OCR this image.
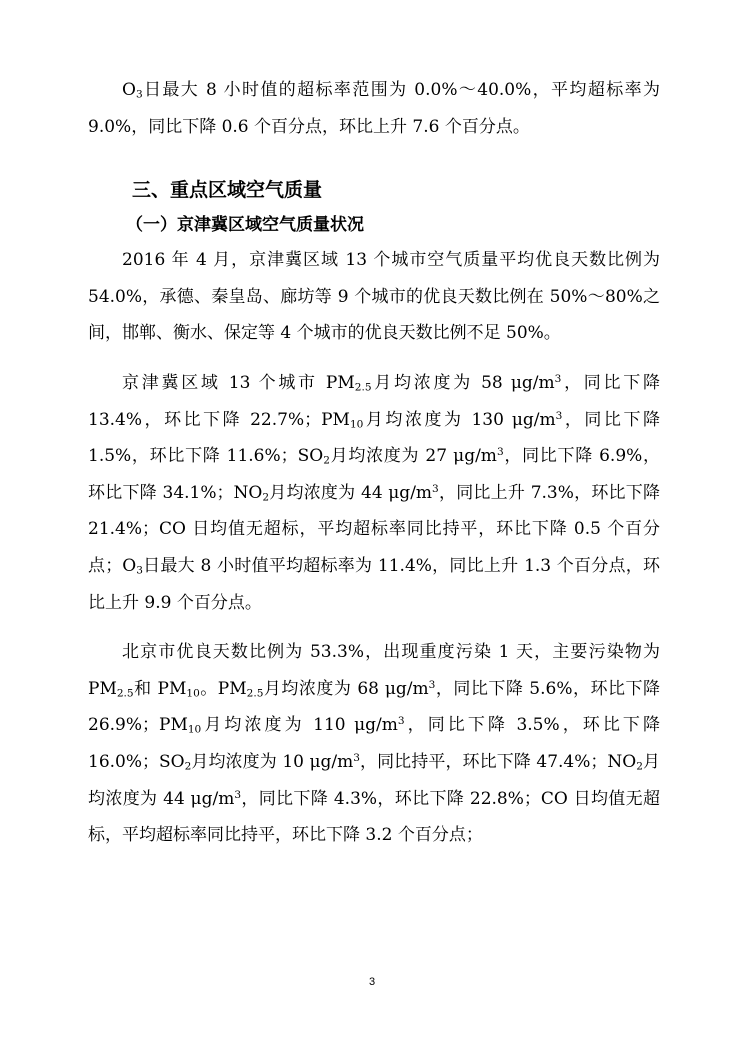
$O_3$日最大 8 小时值的超标率范围为 0.0%～40.0%，平均超标率为 9.0%，同比下降 0.6 个百分点，环比上升 7.6 个百分点。

三、重点区域空气质量
（一）京津冀区域空气质量状况

2016 年 4 月，京津冀区域 13 个城市空气质量平均优良天数比例为 54.0%，承德、秦皇岛、廊坊等 9 个城市的优良天数比例在 50%～80%之间，邯郸、衡水、保定等 4 个城市的优良天数比例不足 50%。

京津冀区域 13 个城市 $PM_{2.5}$月均浓度为 58 $\mu g/m^3$，同比下降 13.4%，环比下降 22.7%；$PM_{10}$月均浓度为 130 $\mu g/m^3$，同比下降 1.5%，环比下降 11.6%；$SO_2$月均浓度为 27 $\mu g/m^3$，同比下降 6.9%，环比下降 34.1%；$NO_2$月均浓度为 44 $\mu g/m^3$，同比上升 7.3%，环比下降 21.4%；CO 日均值无超标，平均超标率同比持平，环比下降 0.5 个百分点；$O_3$日最大 8 小时值平均超标率为 11.4%，同比上升 1.3 个百分点，环比上升 9.9 个百分点。

北京市优良天数比例为 53.3%，出现重度污染 1 天，主要污染物为 $PM_{2.5}$和 $PM_{10}$。$PM_{2.5}$月均浓度为 68 $\mu g/m^3$，同比下降 5.6%，环比下降 26.9%；$PM_{10}$月均浓度为 110 $\mu g/m^3$，同比下降 3.5%，环比下降 16.0%；$SO_2$月均浓度为 10 $\mu g/m^3$，同比持平，环比下降 47.4%；$NO_2$月均浓度为 44 $\mu g/m^3$，同比下降 4.3%，环比下降 22.8%；CO 日均值无超标，平均超标率同比持平，环比下降 3.2 个百分点；

3
